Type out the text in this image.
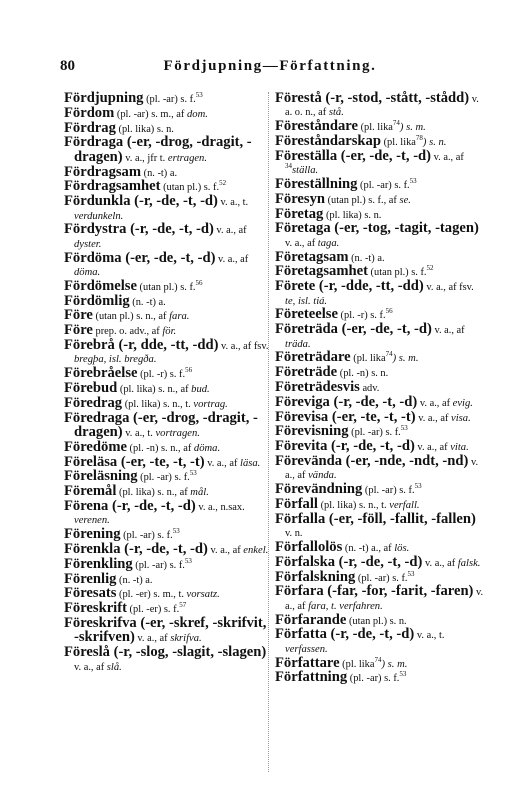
80	Fördjupning—Författning.

Fördjupning (pl. -ar) s. f.$^{53}$

Fördom (pl. -ar) s. m., af dom.

Fördrag (pl. lika) s. n.

Fördraga (-er, -drog, -dragit, -dragen) v. a., jfr t. ertragen.

Fördragsam (n. -t) a.

Fördragsamhet (utan pl.) s. f.$^{52}$

Fördunkla (-r, -de, -t, -d) v. a., t. verdunkeln.

Fördystra (-r, -de, -t, -d) v. a., af dyster.

Fördöma (-er, -de, -t, -d) v. a., af döma.

Fördömelse (utan pl.) s. f.$^{56}$

Fördömlig (n. -t) a.

Före (utan pl.) s. n., af fara.

Före prep. o. adv., af för.

Förebrå (-r, dde, -tt, -dd) v. a., af fsv. bregþa, isl. bregða.

Förebråelse (pl. -r) s. f.$^{56}$

Förebud (pl. lika) s. n., af bud.

Föredrag (pl. lika) s. n., t. vortrag.

Föredraga (-er, -drog, -dragit, -dragen) v. a., t. vortragen.

Föredöme (pl. -n) s. n., af döma.

Föreläsa (-er, -te, -t, -t) v. a., af läsa.

Föreläsning (pl. -ar) s. f.$^{53}$

Föremål (pl. lika) s. n., af mål.

Förena (-r, -de, -t, -d) v. a., n.sax. verenen.

Förening (pl. -ar) s. f.$^{53}$

Förenkla (-r, -de, -t, -d) v. a., af enkel.

Förenkling (pl. -ar) s. f.$^{53}$

Förenlig (n. -t) a.

Föresats (pl. -er) s. m., t. vorsatz.

Föreskrift (pl. -er) s. f.$^{57}$

Föreskrifva (-er, -skref, -skrifvit, -skrifven) v. a., af skrifva.

Föreslå (-r, -slog, -slagit, -slagen) v. a., af slå.

Förestå (-r, -stod, -stått, -stådd) v. a. o. n., af stå.

Föreståndare (pl. lika$^{74}$) s. m.

Föreståndarskap (pl. lika$^{78}$) s. n.

Föreställa (-er, -de, -t, -d) v. a., af $^{34}$ställa.

Föreställning (pl. -ar) s. f.$^{53}$

Föresyn (utan pl.) s. f., af se.

Företag (pl. lika) s. n.

Företaga (-er, -tog, -tagit, -tagen) v. a., af taga.

Företagsam (n. -t) a.

Företagsamhet (utan pl.) s. f.$^{52}$

Förete (-r, -dde, -tt, -dd) v. a., af fsv. te, isl. tiá.

Företeelse (pl. -r) s. f.$^{56}$

Företräda (-er, -de, -t, -d) v. a., af träda.

Företrädare (pl. lika$^{74}$) s. m.

Företräde (pl. -n) s. n.

Företrädesvis adv.

Föreviga (-r, -de, -t, -d) v. a., af evig.

Förevisa (-er, -te, -t, -t) v. a., af visa.

Förevisning (pl. -ar) s. f.$^{53}$

Förevita (-r, -de, -t, -d) v. a., af vita.

Förevända (-er, -nde, -ndt, -nd) v. a., af vända.

Förevändning (pl. -ar) s. f.$^{53}$

Förfall (pl. lika) s. n., t. verfall.

Förfalla (-er, -föll, -fallit, -fallen) v. n.

Förfallolös (n. -t) a., af lös.

Förfalska (-r, -de, -t, -d) v. a., af falsk.

Förfalskning (pl. -ar) s. f.$^{53}$

Förfara (-far, -for, -farit, -faren) v. a., af fara, t. verfahren.

Förfarande (utan pl.) s. n.

Författa (-r, -de, -t, -d) v. a., t. verfassen.

Författare (pl. lika$^{74}$) s. m.

Författning (pl. -ar) s. f.$^{53}$
